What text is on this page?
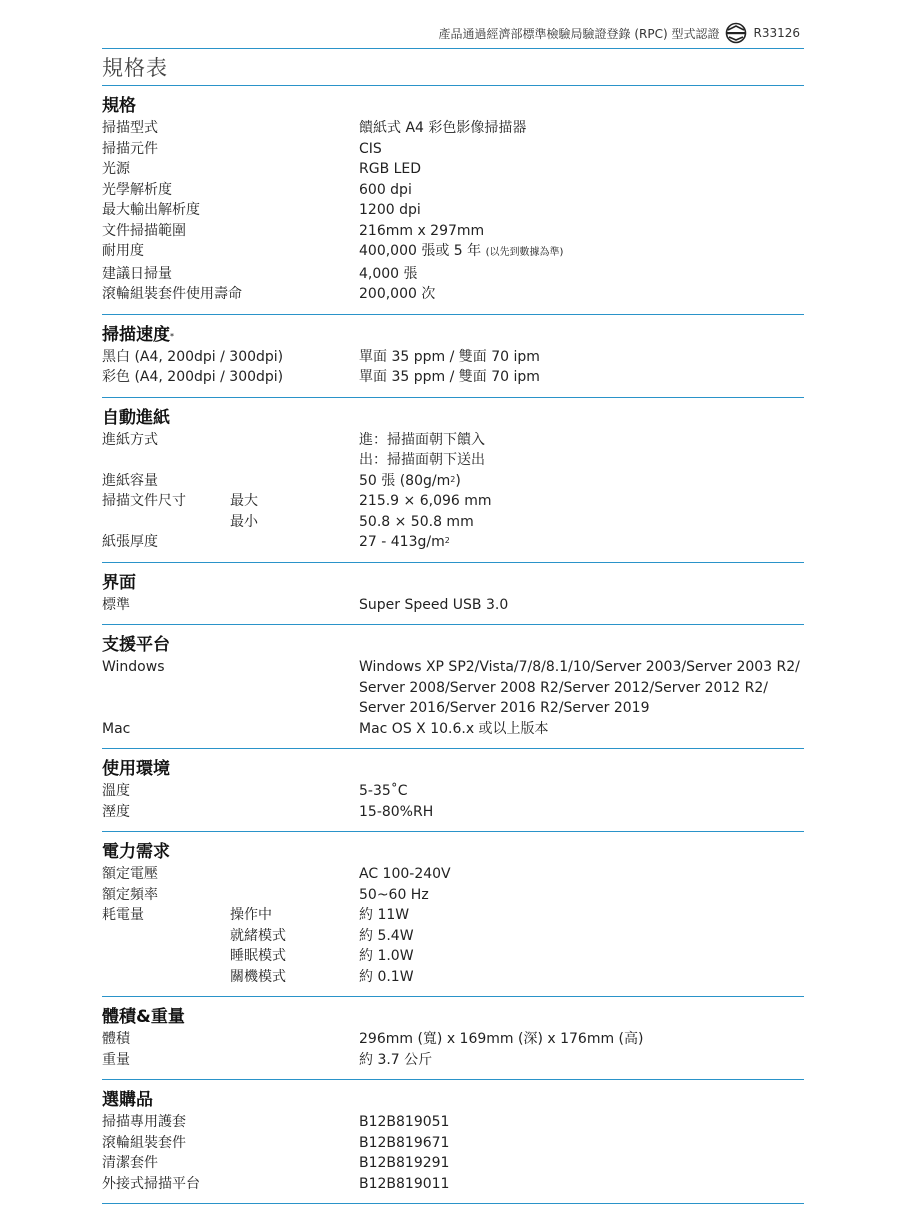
產品通過經濟部標準檢驗局驗證登錄 (RPC) 型式認證	R33126
規格表
規格
掃描型式	饋紙式 A4 彩色影像掃描器
掃描元件	CIS
光源	RGB LED
光學解析度	600 dpi
最大輸出解析度	1200 dpi
文件掃描範圍	216mm x 297mm
耐用度	400,000 張或 5 年 (以先到數據為準)
建議日掃量	4,000 張
滾輪組裝套件使用壽命	200,000 次
掃描速度*
黑白 (A4, 200dpi / 300dpi)	單面 35 ppm / 雙面 70 ipm
彩色 (A4, 200dpi / 300dpi)	單面 35 ppm / 雙面 70 ipm
自動進紙
進紙方式	進：掃描面朝下饋入
出：掃描面朝下送出
進紙容量	50 張 $(80g/m^2)$
掃描文件尺寸	最大	215.9 × 6,096 mm
最小	50.8 × 50.8 mm
紙張厚度	$27 - 413g/m^2$
界面
標準	Super Speed USB 3.0
支援平台
Windows	Windows XP SP2/Vista/7/8/8.1/10/Server 2003/Server 2003 R2/
Server 2008/Server 2008 R2/Server 2012/Server 2012 R2/
Server 2016/Server 2016 R2/Server 2019
Mac	Mac OS X 10.6.x 或以上版本
使用環境
溫度	5-35˚C
溼度	15-80%RH
電力需求
額定電壓	AC 100-240V
額定頻率	50~60 Hz
耗電量	操作中	約 11W
就緒模式	約 5.4W
睡眠模式	約 1.0W
關機模式	約 0.1W
體積&重量
體積	296mm (寬) x 169mm (深) x 176mm (高)
重量	約 3.7 公斤
選購品
掃描專用護套	B12B819051
滾輪組裝套件	B12B819671
清潔套件	B12B819291
外接式掃描平台	B12B819011
